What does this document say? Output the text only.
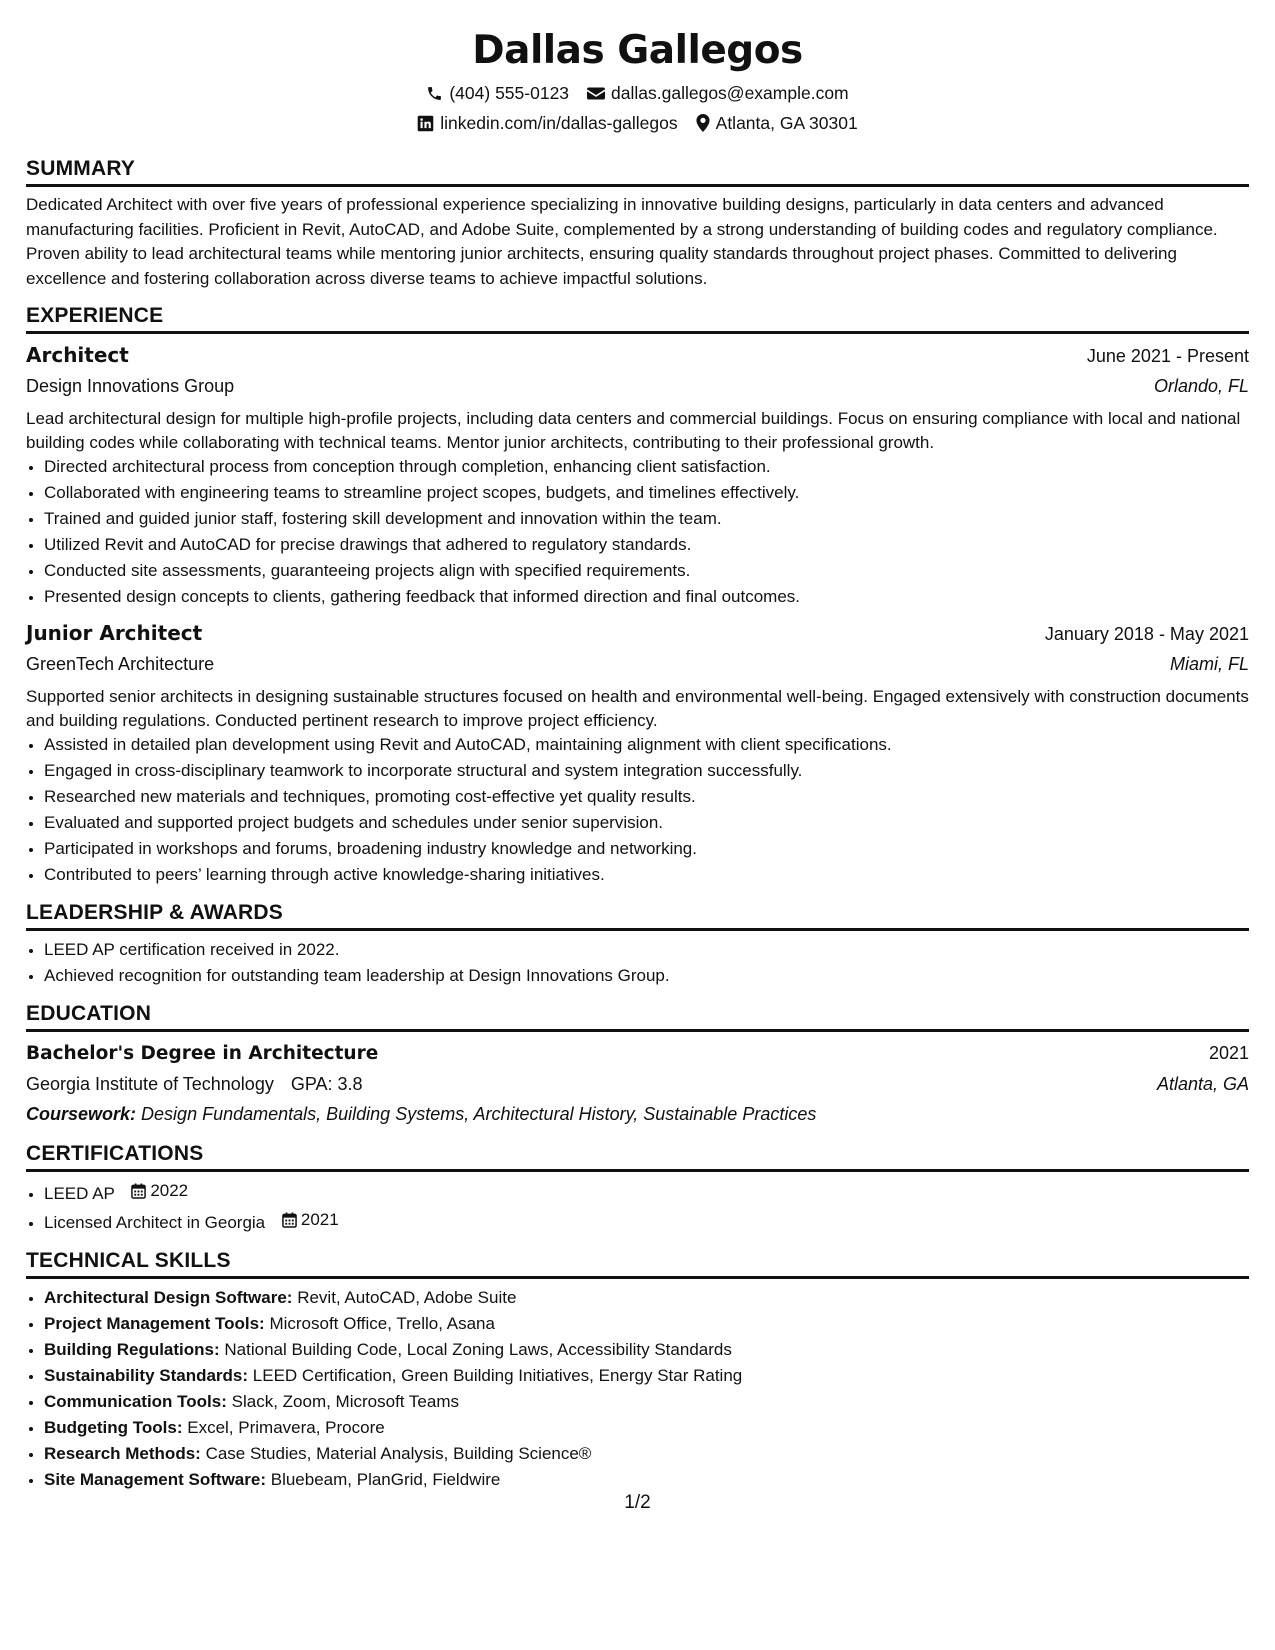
Dallas Gallegos
(404) 555-0123 dallas.gallegos@example.com
linkedin.com/in/dallas-gallegos Atlanta, GA 30301
SUMMARY

Dedicated Architect with over five years of professional experience specializing in innovative building designs, particularly in data centers and advanced manufacturing facilities. Proficient in Revit, AutoCAD, and Adobe Suite, complemented by a strong understanding of building codes and regulatory compliance. Proven ability to lead architectural teams while mentoring junior architects, ensuring quality standards throughout project phases. Committed to delivering excellence and fostering collaboration across diverse teams to achieve impactful solutions.

EXPERIENCE
Architect	June 2021 - Present
Design Innovations Group	Orlando, FL
Lead architectural design for multiple high-profile projects, including data centers and commercial buildings. Focus on ensuring compliance with local and national building codes while collaborating with technical teams. Mentor junior architects, contributing to their professional growth.
• Directed architectural process from conception through completion, enhancing client satisfaction.
• Collaborated with engineering teams to streamline project scopes, budgets, and timelines effectively.
• Trained and guided junior staff, fostering skill development and innovation within the team.
• Utilized Revit and AutoCAD for precise drawings that adhered to regulatory standards.
• Conducted site assessments, guaranteeing projects align with specified requirements.
• Presented design concepts to clients, gathering feedback that informed direction and final outcomes.
Junior Architect	January 2018 - May 2021
GreenTech Architecture	Miami, FL
Supported senior architects in designing sustainable structures focused on health and environmental well-being. Engaged extensively with construction documents and building regulations. Conducted pertinent research to improve project efficiency.
• Assisted in detailed plan development using Revit and AutoCAD, maintaining alignment with client specifications.
• Engaged in cross-disciplinary teamwork to incorporate structural and system integration successfully.
• Researched new materials and techniques, promoting cost-effective yet quality results.
• Evaluated and supported project budgets and schedules under senior supervision.
• Participated in workshops and forums, broadening industry knowledge and networking.
• Contributed to peers’ learning through active knowledge-sharing initiatives.
LEADERSHIP & AWARDS
• LEED AP certification received in 2022.
• Achieved recognition for outstanding team leadership at Design Innovations Group.
EDUCATION
Bachelor's Degree in Architecture	2021
Georgia Institute of Technology GPA: 3.8	Atlanta, GA
Coursework: Design Fundamentals, Building Systems, Architectural History, Sustainable Practices
CERTIFICATIONS
• LEED AP 2022
• Licensed Architect in Georgia 2021
TECHNICAL SKILLS
• Architectural Design Software: Revit, AutoCAD, Adobe Suite
• Project Management Tools: Microsoft Office, Trello, Asana
• Building Regulations: National Building Code, Local Zoning Laws, Accessibility Standards
• Sustainability Standards: LEED Certification, Green Building Initiatives, Energy Star Rating
• Communication Tools: Slack, Zoom, Microsoft Teams
• Budgeting Tools: Excel, Primavera, Procore
• Research Methods: Case Studies, Material Analysis, Building Science®
• Site Management Software: Bluebeam, PlanGrid, Fieldwire
1/2
